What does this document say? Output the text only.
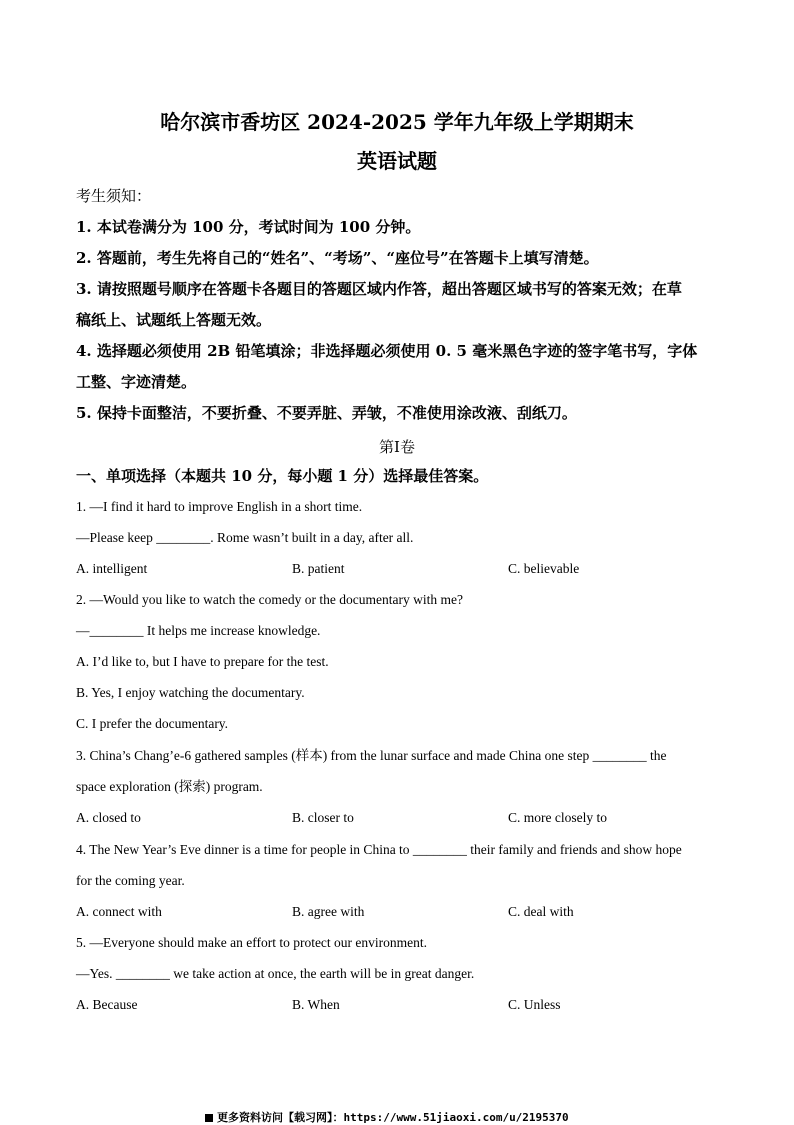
哈尔滨市香坊区 2024-2025 学年九年级上学期期末
英语试题
考生须知：
1. 本试卷满分为 100 分，考试时间为 100 分钟。
2. 答题前，考生先将自己的“姓名”、“考场”、“座位号”在答题卡上填写清楚。
3. 请按照题号顺序在答题卡各题目的答题区域内作答，超出答题区域书写的答案无效；在草
稿纸上、试题纸上答题无效。
4. 选择题必须使用 2B 铅笔填涂；非选择题必须使用 0. 5 毫米黑色字迹的签字笔书写，字体
工整、字迹清楚。
5. 保持卡面整洁，不要折叠、不要弄脏、弄皱，不准使用涂改液、刮纸刀。
第Ⅰ卷
一、单项选择（本题共 10 分，每小题 1 分）选择最佳答案。
1. —I find it hard to improve English in a short time.
—Please keep ________. Rome wasn’t built in a day, after all.
A. intelligent	B. patient	C. believable
2. —Would you like to watch the comedy or the documentary with me?
—________ It helps me increase knowledge.
A. I’d like to, but I have to prepare for the test.
B. Yes, I enjoy watching the documentary.
C. I prefer the documentary.
3. China’s Chang’e-6 gathered samples (样本) from the lunar surface and made China one step ________ the
space exploration (探索) program.
A. closed to	B. closer to	C. more closely to
4. The New Year’s Eve dinner is a time for people in China to ________ their family and friends and show hope
for the coming year.
A. connect with	B. agree with	C. deal with
5. —Everyone should make an effort to protect our environment.
—Yes. ________ we take action at once, the earth will be in great danger.
A. Because	B. When	C. Unless
更多资料访问【载习网】：https://www.51jiaoxi.com/u/2195370
